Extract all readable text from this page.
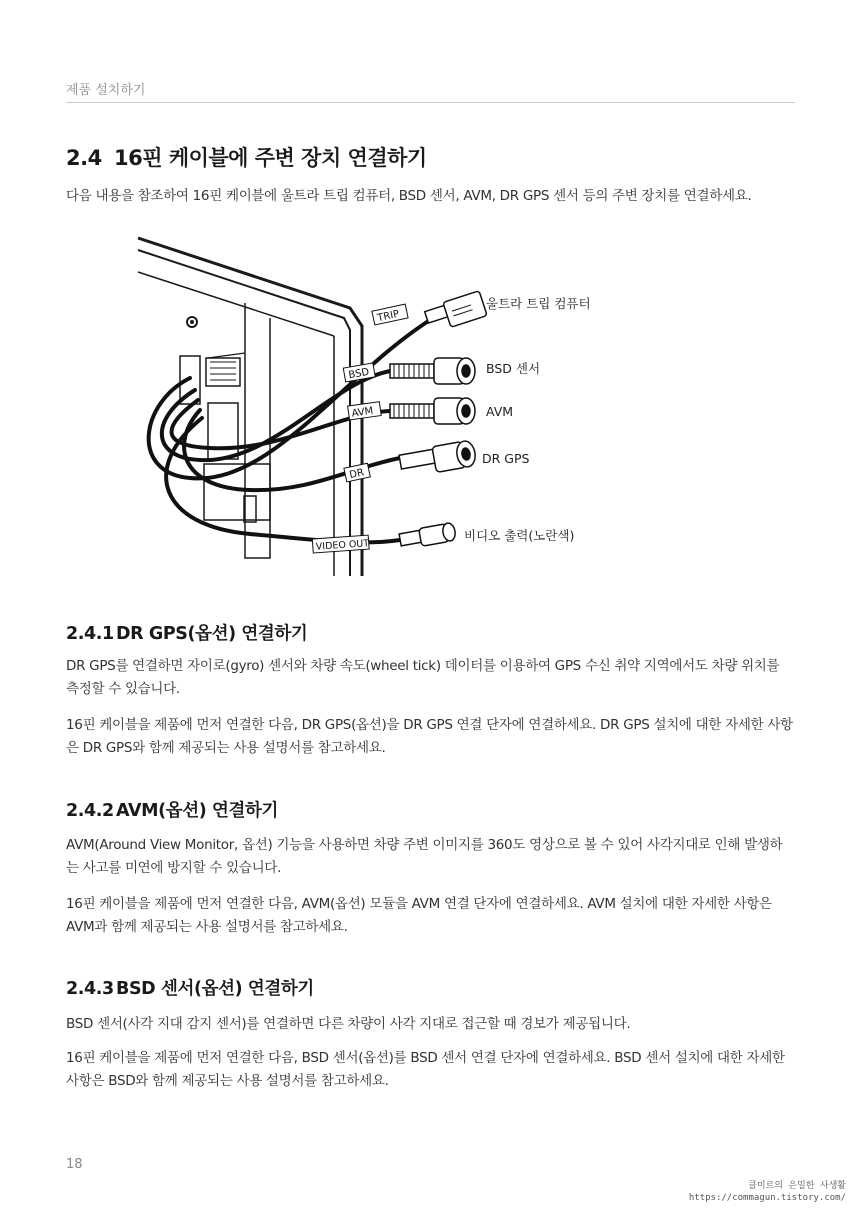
제품 설치하기
2.4 16핀 케이블에 주변 장치 연결하기
다음 내용을 참조하여 16핀 케이블에 울트라 트립 컴퓨터, BSD 센서, AVM, DR GPS 센서 등의 주변 장치를 연결하세요.
TRIP
BSD
AVM
DR
VIDEO OUT
울트라 트립 컴퓨터
BSD 센서
AVM
DR GPS
비디오 출력(노란색)
2.4.1 DR GPS(옵션) 연결하기

DR GPS를 연결하면 자이로(gyro) 센서와 차량 속도(wheel tick) 데이터를 이용하여 GPS 수신 취약 지역에서도 차량 위치를 측정할 수 있습니다.

16핀 케이블을 제품에 먼저 연결한 다음, DR GPS(옵션)을 DR GPS 연결 단자에 연결하세요. DR GPS 설치에 대한 자세한 사항은 DR GPS와 함께 제공되는 사용 설명서를 참고하세요.

2.4.2 AVM(옵션) 연결하기

AVM(Around View Monitor, 옵션) 기능을 사용하면 차량 주변 이미지를 360도 영상으로 볼 수 있어 사각지대로 인해 발생하는 사고를 미연에 방지할 수 있습니다.

16핀 케이블을 제품에 먼저 연결한 다음, AVM(옵션) 모듈을 AVM 연결 단자에 연결하세요. AVM 설치에 대한 자세한 사항은 AVM과 함께 제공되는 사용 설명서를 참고하세요.

2.4.3 BSD 센서(옵션) 연결하기

BSD 센서(사각 지대 감지 센서)를 연결하면 다른 차량이 사각 지대로 접근할 때 경보가 제공됩니다.

16핀 케이블을 제품에 먼저 연결한 다음, BSD 센서(옵션)를 BSD 센서 연결 단자에 연결하세요. BSD 센서 설치에 대한 자세한 사항은 BSD와 함께 제공되는 사용 설명서를 참고하세요.

18
클미르의 은밀한 사생활
https://commagun.tistory.com/
